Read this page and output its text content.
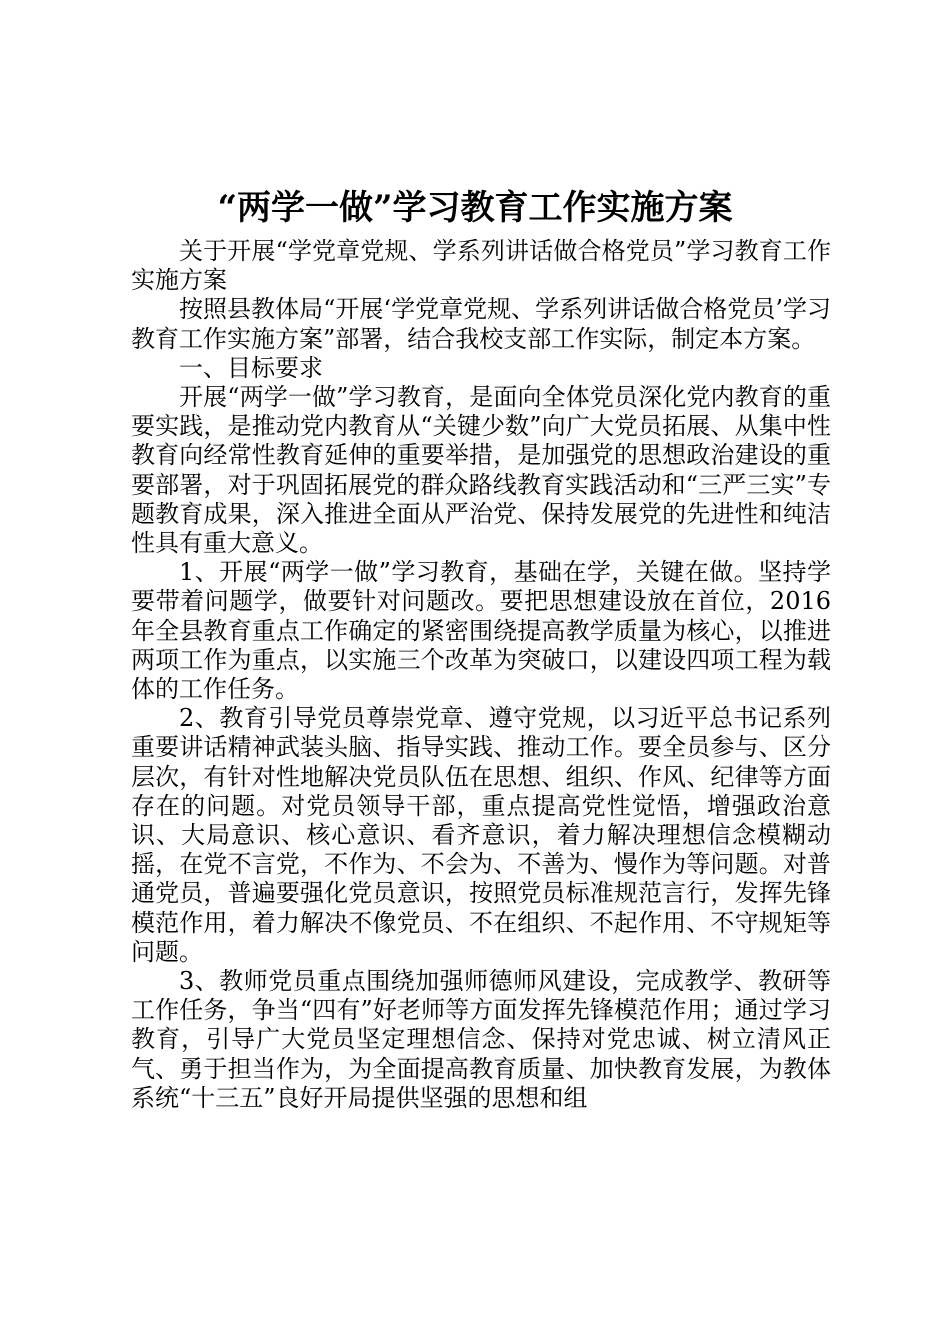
“两学一做”学习教育工作实施方案

关于开展“学党章党规、学系列讲话做合格党员”学习教育工作实施方案

按照县教体局“开展‘学党章党规、学系列讲话做合格党员’学习教育工作实施方案”部署，结合我校支部工作实际，制定本方案。

一、目标要求

开展“两学一做”学习教育，是面向全体党员深化党内教育的重要实践，是推动党内教育从“关键少数”向广大党员拓展、从集中性教育向经常性教育延伸的重要举措，是加强党的思想政治建设的重要部署，对于巩固拓展党的群众路线教育实践活动和“三严三实”专题教育成果，深入推进全面从严治党、保持发展党的先进性和纯洁性具有重大意义。

1、开展“两学一做”学习教育，基础在学，关键在做。坚持学要带着问题学，做要针对问题改。要把思想建设放在首位，2016年全县教育重点工作确定的紧密围绕提高教学质量为核心，以推进两项工作为重点，以实施三个改革为突破口，以建设四项工程为载体的工作任务。

2、教育引导党员尊崇党章、遵守党规，以习近平总书记系列重要讲话精神武装头脑、指导实践、推动工作。要全员参与、区分层次，有针对性地解决党员队伍在思想、组织、作风、纪律等方面存在的问题。对党员领导干部，重点提高党性觉悟，增强政治意识、大局意识、核心意识、看齐意识，着力解决理想信念模糊动摇，在党不言党，不作为、不会为、不善为、慢作为等问题。对普通党员，普遍要强化党员意识，按照党员标准规范言行，发挥先锋模范作用，着力解决不像党员、不在组织、不起作用、不守规矩等问题。

3、教师党员重点围绕加强师德师风建设，完成教学、教研等工作任务，争当“四有”好老师等方面发挥先锋模范作用；通过学习教育，引导广大党员坚定理想信念、保持对党忠诚、树立清风正气、勇于担当作为，为全面提高教育质量、加快教育发展，为教体系统“十三五”良好开局提供坚强的思想和组
